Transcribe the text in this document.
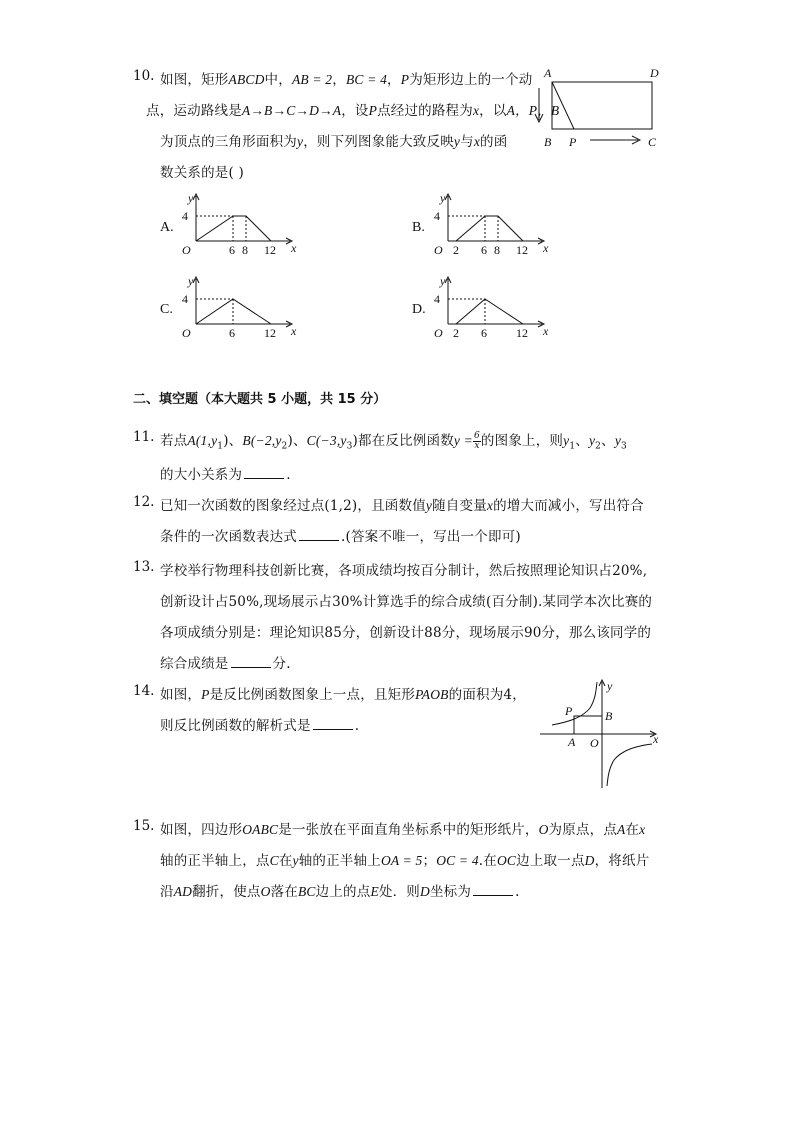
10. 如图，矩形ABCD中，AB = 2，BC = 4，P为矩形边上的一个动
点，运动路线是A→B→C→D→A，设P点经过的路程为x，以A，P，B
为顶点的三角形面积为y，则下列图象能大致反映y与x的函
数关系的是( )
A	D
B P	C
A.
y
4
O	6 8 12 x
B.
y
4
O 2 6 8 12 x
C.
y
4
O	6 12 x
D.
y
4
O 2 6 12 x
二、填空题（本大题共 5 小题，共 15 分）
11. 若点$A(1,y_1)$、$B(-2,y_2)$、$C(-3,y_3)$都在反比例函数$y = \frac{6}{x}$ 的图象上，则$y_1$、$y_2$、$y_3$
的大小关系为	.
12. 已知一次函数的图象经过点(1,2)，且函数值y随自变量x的增大而减小，写出符合
条件的一次函数表达式	.(答案不唯一，写出一个即可)
13. 学校举行物理科技创新比赛，各项成绩均按百分制计，然后按照理论知识占20%,
创新设计占50%,现场展示占30%计算选手的综合成绩(百分制).某同学本次比赛的
各项成绩分别是：理论知识85分，创新设计88分，现场展示90分，那么该同学的
综合成绩是	分.
14. 如图，P是反比例函数图象上一点，且矩形PAOB的面积为4，
则反比例函数的解析式是	.
P	B
A O	x
y
15. 如图，四边形OABC是一张放在平面直角坐标系中的矩形纸片，O为原点，点A在x
轴的正半轴上，点C在y轴的正半轴上OA = 5；OC = 4.在OC边上取一点D，将纸片
沿AD翻折，使点O落在BC边上的点E处．则D坐标为	.
